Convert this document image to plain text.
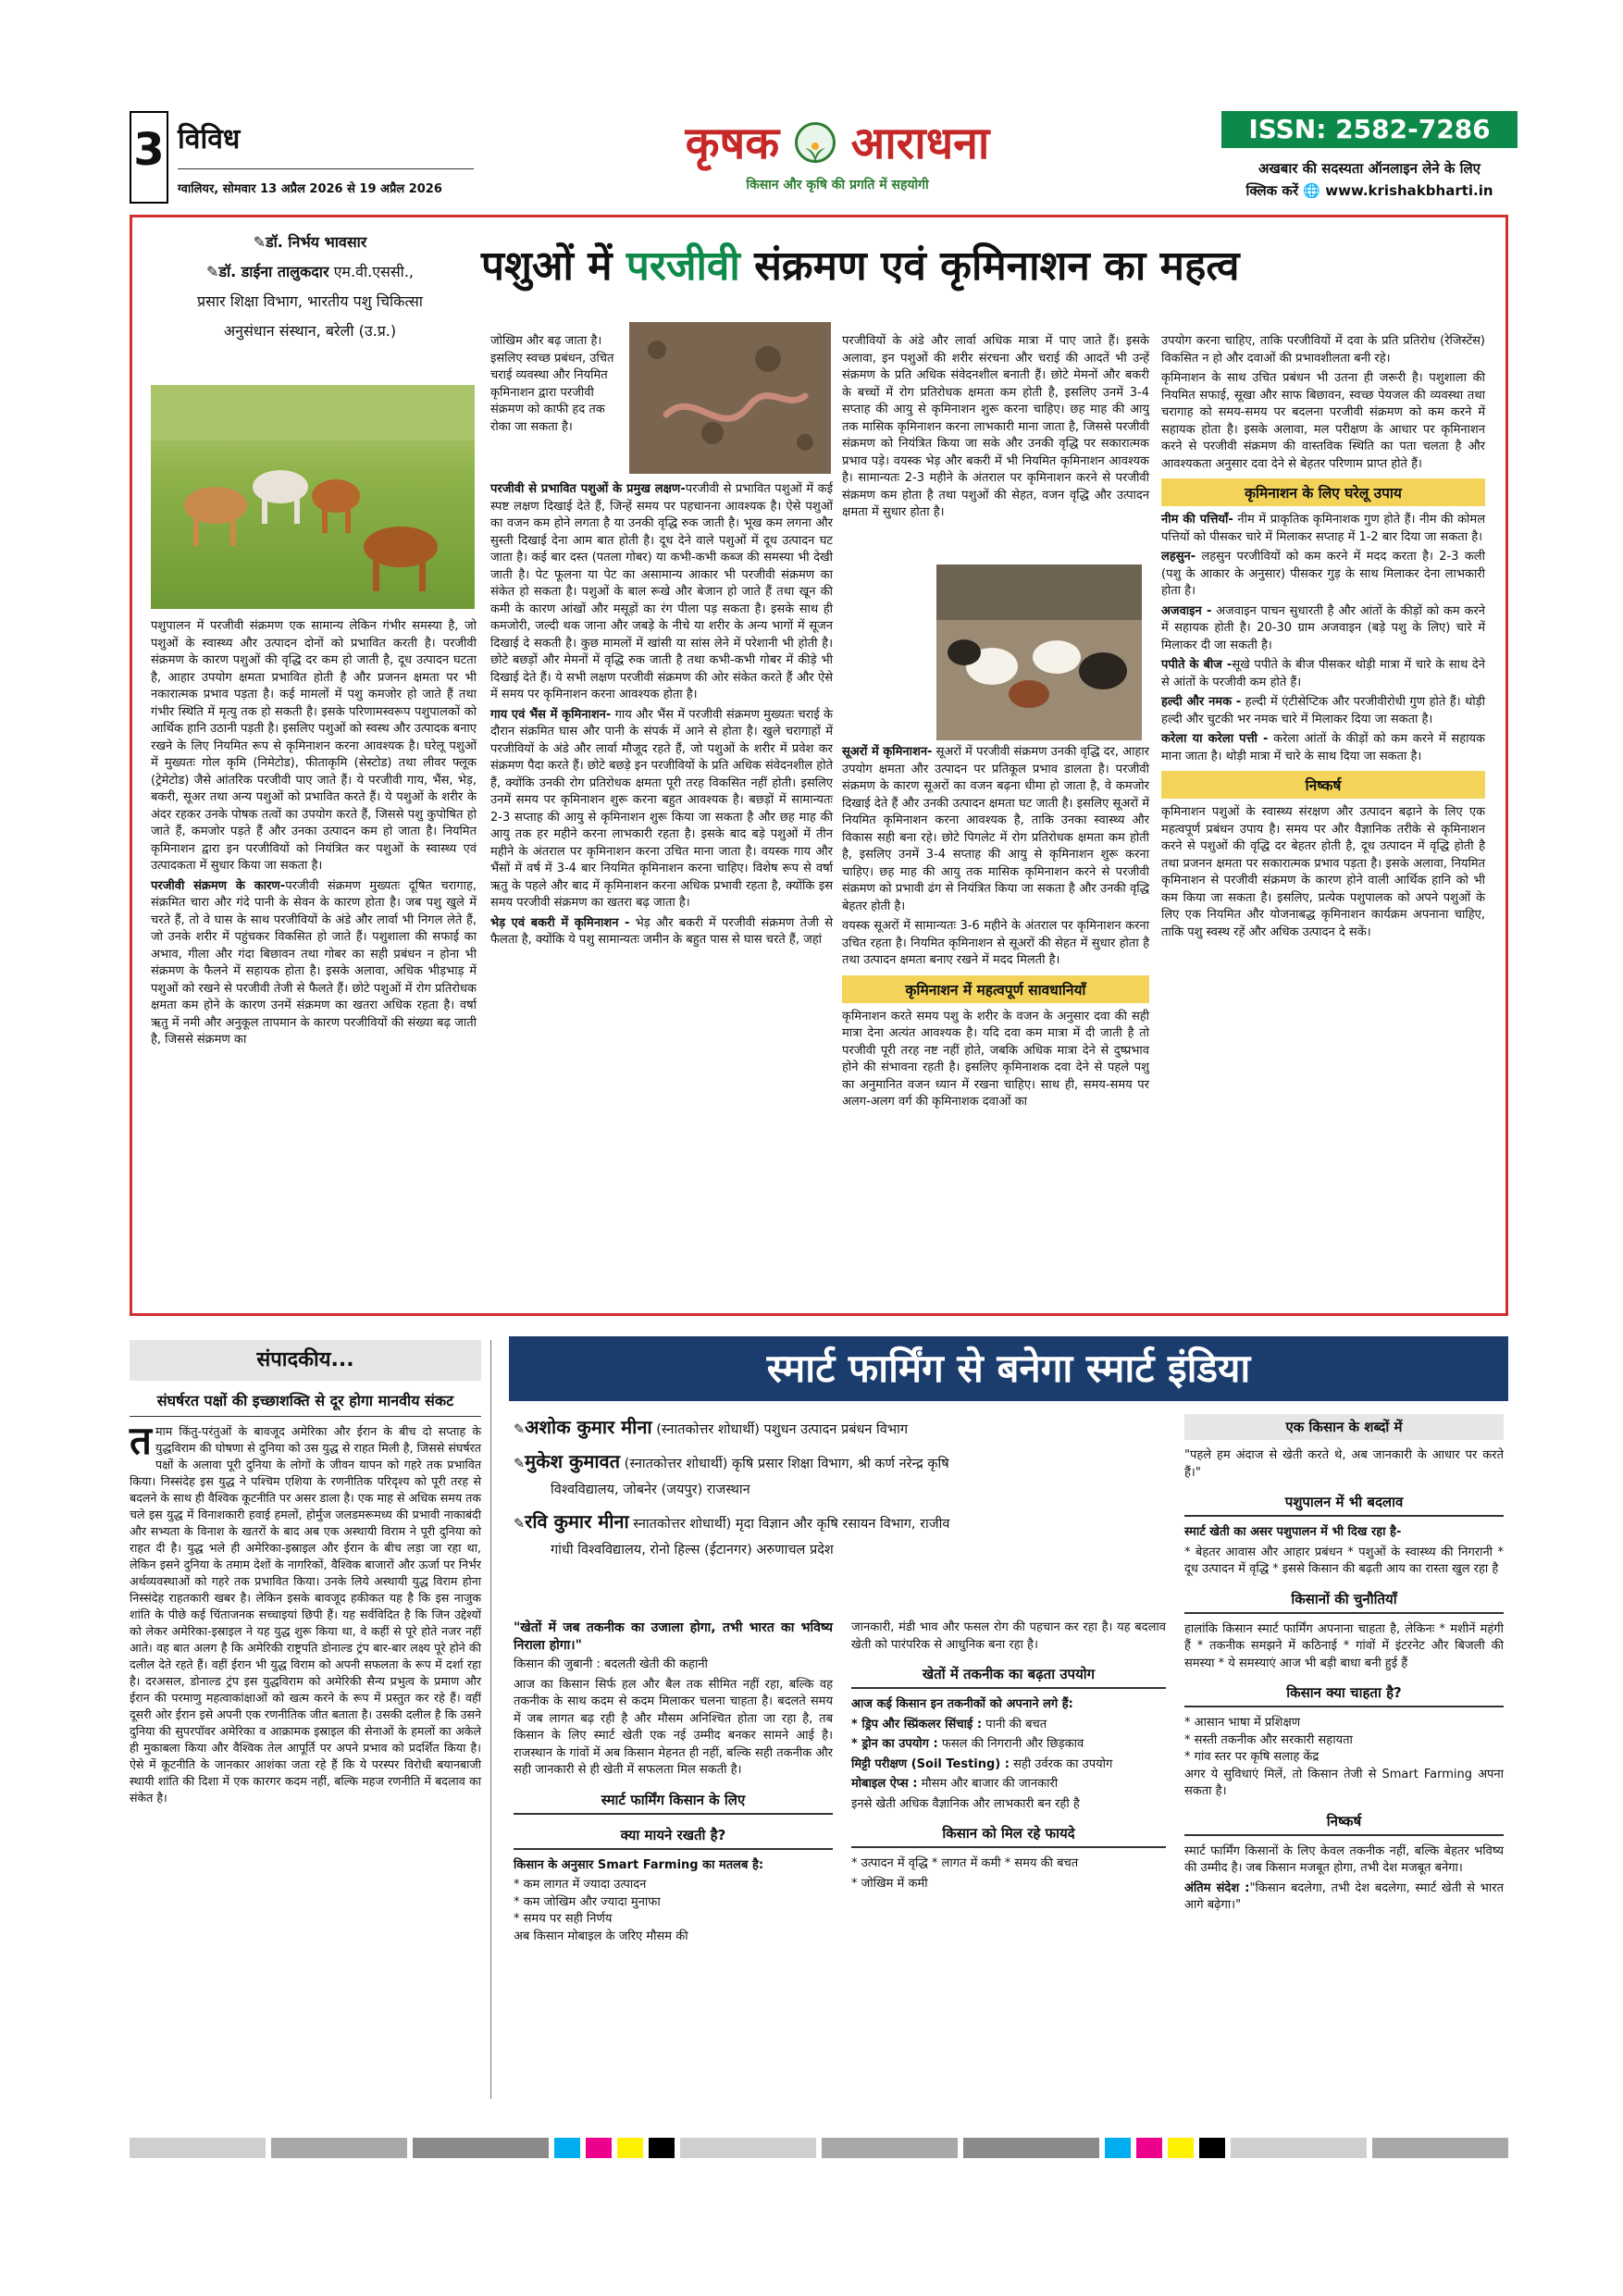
3 विविध
ग्वालियर, सोमवार 13 अप्रैल 2026 से 19 अप्रैल 2026
कृषक आराधना
किसान और कृषि की प्रगति में सहयोगी
ISSN: 2582-7286
अखबार की सदस्यता ऑनलाइन लेने के लिए
क्लिक करें 🌐 www.krishakbharti.in
✎डॉ. निर्भय भावसार
✎डॉ. डाईना तालुकदार एम.वी.एससी.,
प्रसार शिक्षा विभाग, भारतीय पशु चिकित्सा
अनुसंधान संस्थान, बरेली (उ.प्र.)
पशुओं में परजीवी संक्रमण एवं कृमिनाशन का महत्व

पशुपालन में परजीवी संक्रमण एक सामान्य लेकिन गंभीर समस्या है, जो पशुओं के स्वास्थ्य और उत्पादन दोनों को प्रभावित करती है। परजीवी संक्रमण के कारण पशुओं की वृद्धि दर कम हो जाती है, दूध उत्पादन घटता है, आहार उपयोग क्षमता प्रभावित होती है और प्रजनन क्षमता पर भी नकारात्मक प्रभाव पड़ता है। कई मामलों में पशु कमजोर हो जाते हैं तथा गंभीर स्थिति में मृत्यु तक हो सकती है। इसके परिणामस्वरूप पशुपालकों को आर्थिक हानि उठानी पड़ती है। इसलिए पशुओं को स्वस्थ और उत्पादक बनाए रखने के लिए नियमित रूप से कृमिनाशन करना आवश्यक है। घरेलू पशुओं में मुख्यतः गोल कृमि (निमेटोड), फीताकृमि (सेस्टोड) तथा लीवर फ्लूक (ट्रेमेटोड) जैसे आंतरिक परजीवी पाए जाते हैं। ये परजीवी गाय, भैंस, भेड़, बकरी, सूअर तथा अन्य पशुओं को प्रभावित करते हैं। ये पशुओं के शरीर के अंदर रहकर उनके पोषक तत्वों का उपयोग करते हैं, जिससे पशु कुपोषित हो जाते हैं, कमजोर पड़ते हैं और उनका उत्पादन कम हो जाता है। नियमित कृमिनाशन द्वारा इन परजीवियों को नियंत्रित कर पशुओं के स्वास्थ्य एवं उत्पादकता में सुधार किया जा सकता है।

परजीवी संक्रमण के कारण-परजीवी संक्रमण मुख्यतः दूषित चरागाह, संक्रमित चारा और गंदे पानी के सेवन के कारण होता है। जब पशु खुले में चरते हैं, तो वे घास के साथ परजीवियों के अंडे और लार्वा भी निगल लेते हैं, जो उनके शरीर में पहुंचकर विकसित हो जाते हैं। पशुशाला की सफाई का अभाव, गीला और गंदा बिछावन तथा गोबर का सही प्रबंधन न होना भी संक्रमण के फैलने में सहायक होता है। इसके अलावा, अधिक भीड़भाड़ में पशुओं को रखने से परजीवी तेजी से फैलते हैं। छोटे पशुओं में रोग प्रतिरोधक क्षमता कम होने के कारण उनमें संक्रमण का खतरा अधिक रहता है। वर्षा ऋतु में नमी और अनुकूल तापमान के कारण परजीवियों की संख्या बढ़ जाती है, जिससे संक्रमण का

जोखिम और बढ़ जाता है। इसलिए स्वच्छ प्रबंधन, उचित चराई व्यवस्था और नियमित कृमिनाशन द्वारा परजीवी संक्रमण को काफी हद तक रोका जा सकता है।

परजीवी से प्रभावित पशुओं के प्रमुख लक्षण-परजीवी से प्रभावित पशुओं में कई स्पष्ट लक्षण दिखाई देते हैं, जिन्हें समय पर पहचानना आवश्यक है। ऐसे पशुओं का वजन कम होने लगता है या उनकी वृद्धि रुक जाती है। भूख कम लगना और सुस्ती दिखाई देना आम बात होती है। दूध देने वाले पशुओं में दूध उत्पादन घट जाता है। कई बार दस्त (पतला गोबर) या कभी-कभी कब्ज की समस्या भी देखी जाती है। पेट फूलना या पेट का असामान्य आकार भी परजीवी संक्रमण का संकेत हो सकता है। पशुओं के बाल रूखे और बेजान हो जाते हैं तथा खून की कमी के कारण आंखों और मसूड़ों का रंग पीला पड़ सकता है। इसके साथ ही कमजोरी, जल्दी थक जाना और जबड़े के नीचे या शरीर के अन्य भागों में सूजन दिखाई दे सकती है। कुछ मामलों में खांसी या सांस लेने में परेशानी भी होती है। छोटे बछड़ों और मेमनों में वृद्धि रुक जाती है तथा कभी-कभी गोबर में कीड़े भी दिखाई देते हैं। ये सभी लक्षण परजीवी संक्रमण की ओर संकेत करते हैं और ऐसे में समय पर कृमिनाशन करना आवश्यक होता है।

गाय एवं भैंस में कृमिनाशन- गाय और भैंस में परजीवी संक्रमण मुख्यतः चराई के दौरान संक्रमित घास और पानी के संपर्क में आने से होता है। खुले चरागाहों में परजीवियों के अंडे और लार्वा मौजूद रहते हैं, जो पशुओं के शरीर में प्रवेश कर संक्रमण पैदा करते हैं। छोटे बछड़े इन परजीवियों के प्रति अधिक संवेदनशील होते हैं, क्योंकि उनकी रोग प्रतिरोधक क्षमता पूरी तरह विकसित नहीं होती। इसलिए उनमें समय पर कृमिनाशन शुरू करना बहुत आवश्यक है। बछड़ों में सामान्यतः 2-3 सप्ताह की आयु से कृमिनाशन शुरू किया जा सकता है और छह माह की आयु तक हर महीने करना लाभकारी रहता है। इसके बाद बड़े पशुओं में तीन महीने के अंतराल पर कृमिनाशन करना उचित माना जाता है। वयस्क गाय और भैंसों में वर्ष में 3-4 बार नियमित कृमिनाशन करना चाहिए। विशेष रूप से वर्षा ऋतु के पहले और बाद में कृमिनाशन करना अधिक प्रभावी रहता है, क्योंकि इस समय परजीवी संक्रमण का खतरा बढ़ जाता है।

भेड़ एवं बकरी में कृमिनाशन - भेड़ और बकरी में परजीवी संक्रमण तेजी से फैलता है, क्योंकि ये पशु सामान्यतः जमीन के बहुत पास से घास चरते हैं, जहां

परजीवियों के अंडे और लार्वा अधिक मात्रा में पाए जाते हैं। इसके अलावा, इन पशुओं की शरीर संरचना और चराई की आदतें भी उन्हें संक्रमण के प्रति अधिक संवेदनशील बनाती हैं। छोटे मेमनों और बकरी के बच्चों में रोग प्रतिरोधक क्षमता कम होती है, इसलिए उनमें 3-4 सप्ताह की आयु से कृमिनाशन शुरू करना चाहिए। छह माह की आयु तक मासिक कृमिनाशन करना लाभकारी माना जाता है, जिससे परजीवी संक्रमण को नियंत्रित किया जा सके और उनकी वृद्धि पर सकारात्मक प्रभाव पड़े। वयस्क भेड़ और बकरी में भी नियमित कृमिनाशन आवश्यक है। सामान्यतः 2-3 महीने के अंतराल पर कृमिनाशन करने से परजीवी संक्रमण कम होता है तथा पशुओं की सेहत, वजन वृद्धि और उत्पादन क्षमता में सुधार होता है।

सूअरों में कृमिनाशन- सूअरों में परजीवी संक्रमण उनकी वृद्धि दर, आहार उपयोग क्षमता और उत्पादन पर प्रतिकूल प्रभाव डालता है। परजीवी संक्रमण के कारण सूअरों का वजन बढ़ना धीमा हो जाता है, वे कमजोर दिखाई देते हैं और उनकी उत्पादन क्षमता घट जाती है। इसलिए सूअरों में नियमित कृमिनाशन करना आवश्यक है, ताकि उनका स्वास्थ्य और विकास सही बना रहे। छोटे पिगलेट में रोग प्रतिरोधक क्षमता कम होती है, इसलिए उनमें 3-4 सप्ताह की आयु से कृमिनाशन शुरू करना चाहिए। छह माह की आयु तक मासिक कृमिनाशन करने से परजीवी संक्रमण को प्रभावी ढंग से नियंत्रित किया जा सकता है और उनकी वृद्धि बेहतर होती है।

वयस्क सूअरों में सामान्यतः 3-6 महीने के अंतराल पर कृमिनाशन करना उचित रहता है। नियमित कृमिनाशन से सूअरों की सेहत में सुधार होता है तथा उत्पादन क्षमता बनाए रखने में मदद मिलती है।

कृमिनाशन में महत्वपूर्ण सावधानियाँ

कृमिनाशन करते समय पशु के शरीर के वजन के अनुसार दवा की सही मात्रा देना अत्यंत आवश्यक है। यदि दवा कम मात्रा में दी जाती है तो परजीवी पूरी तरह नष्ट नहीं होते, जबकि अधिक मात्रा देने से दुष्प्रभाव होने की संभावना रहती है। इसलिए कृमिनाशक दवा देने से पहले पशु का अनुमानित वजन ध्यान में रखना चाहिए। साथ ही, समय-समय पर अलग-अलग वर्ग की कृमिनाशक दवाओं का

उपयोग करना चाहिए, ताकि परजीवियों में दवा के प्रति प्रतिरोध (रेजिस्टेंस) विकसित न हो और दवाओं की प्रभावशीलता बनी रहे।

कृमिनाशन के साथ उचित प्रबंधन भी उतना ही जरूरी है। पशुशाला की नियमित सफाई, सूखा और साफ बिछावन, स्वच्छ पेयजल की व्यवस्था तथा चरागाह को समय-समय पर बदलना परजीवी संक्रमण को कम करने में सहायक होता है। इसके अलावा, मल परीक्षण के आधार पर कृमिनाशन करने से परजीवी संक्रमण की वास्तविक स्थिति का पता चलता है और आवश्यकता अनुसार दवा देने से बेहतर परिणाम प्राप्त होते हैं।

कृमिनाशन के लिए घरेलू उपाय

नीम की पत्तियाँ- नीम में प्राकृतिक कृमिनाशक गुण होते हैं। नीम की कोमल पत्तियों को पीसकर चारे में मिलाकर सप्ताह में 1-2 बार दिया जा सकता है।

लहसुन- लहसुन परजीवियों को कम करने में मदद करता है। 2-3 कली (पशु के आकार के अनुसार) पीसकर गुड़ के साथ मिलाकर देना लाभकारी होता है।

अजवाइन - अजवाइन पाचन सुधारती है और आंतों के कीड़ों को कम करने में सहायक होती है। 20-30 ग्राम अजवाइन (बड़े पशु के लिए) चारे में मिलाकर दी जा सकती है।

पपीते के बीज -सूखे पपीते के बीज पीसकर थोड़ी मात्रा में चारे के साथ देने से आंतों के परजीवी कम होते हैं।

हल्दी और नमक - हल्दी में एंटीसेप्टिक और परजीवीरोधी गुण होते हैं। थोड़ी हल्दी और चुटकी भर नमक चारे में मिलाकर दिया जा सकता है।

करेला या करेला पत्ती - करेला आंतों के कीड़ों को कम करने में सहायक माना जाता है। थोड़ी मात्रा में चारे के साथ दिया जा सकता है।

निष्कर्ष

कृमिनाशन पशुओं के स्वास्थ्य संरक्षण और उत्पादन बढ़ाने के लिए एक महत्वपूर्ण प्रबंधन उपाय है। समय पर और वैज्ञानिक तरीके से कृमिनाशन करने से पशुओं की वृद्धि दर बेहतर होती है, दूध उत्पादन में वृद्धि होती है तथा प्रजनन क्षमता पर सकारात्मक प्रभाव पड़ता है। इसके अलावा, नियमित कृमिनाशन से परजीवी संक्रमण के कारण होने वाली आर्थिक हानि को भी कम किया जा सकता है। इसलिए, प्रत्येक पशुपालक को अपने पशुओं के लिए एक नियमित और योजनाबद्ध कृमिनाशन कार्यक्रम अपनाना चाहिए, ताकि पशु स्वस्थ रहें और अधिक उत्पादन दे सकें।

संपादकीय...
संघर्षरत पक्षों की इच्छाशक्ति से दूर होगा मानवीय संकट

तमाम किंतु-परंतुओं के बावजूद अमेरिका और ईरान के बीच दो सप्ताह के युद्धविराम की घोषणा से दुनिया को उस युद्ध से राहत मिली है, जिससे संघर्षरत पक्षों के अलावा पूरी दुनिया के लोगों के जीवन यापन को गहरे तक प्रभावित किया। निस्संदेह इस युद्ध ने पश्चिम एशिया के रणनीतिक परिदृश्य को पूरी तरह से बदलने के साथ ही वैश्विक कूटनीति पर असर डाला है। एक माह से अधिक समय तक चले इस युद्ध में विनाशकारी हवाई हमलों, होर्मुज जलडमरूमध्य की प्रभावी नाकाबंदी और सभ्यता के विनाश के खतरों के बाद अब एक अस्थायी विराम ने पूरी दुनिया को राहत दी है। युद्ध भले ही अमेरिका-इस्राइल और ईरान के बीच लड़ा जा रहा था, लेकिन इसने दुनिया के तमाम देशों के नागरिकों, वैश्विक बाजारों और ऊर्जा पर निर्भर अर्थव्यवस्थाओं को गहरे तक प्रभावित किया। उनके लिये अस्थायी युद्ध विराम होना निस्संदेह राहतकारी खबर है। लेकिन इसके बावजूद हकीकत यह है कि इस नाजुक शांति के पीछे कई चिंताजनक सच्चाइयां छिपी हैं। यह सर्वविदित है कि जिन उद्देश्यों को लेकर अमेरिका-इस्राइल ने यह युद्ध शुरू किया था, वे कहीं से पूरे होते नजर नहीं आते। वह बात अलग है कि अमेरिकी राष्ट्रपति डोनाल्ड ट्रंप बार-बार लक्ष्य पूरे होने की दलील देते रहते हैं। वहीं ईरान भी युद्ध विराम को अपनी सफलता के रूप में दर्शा रहा है। दरअसल, डोनाल्ड ट्रंप इस युद्धविराम को अमेरिकी सैन्य प्रभुत्व के प्रमाण और ईरान की परमाणु महत्वाकांक्षाओं को खत्म करने के रूप में प्रस्तुत कर रहे हैं। वहीं दूसरी ओर ईरान इसे अपनी एक रणनीतिक जीत बताता है। उसकी दलील है कि उसने दुनिया की सुपरपॉवर अमेरिका व आक्रामक इस्राइल की सेनाओं के हमलों का अकेले ही मुकाबला किया और वैश्विक तेल आपूर्ति पर अपने प्रभाव को प्रदर्शित किया है। ऐसे में कूटनीति के जानकार आशंका जता रहे हैं कि ये परस्पर विरोधी बयानबाजी स्थायी शांति की दिशा में एक कारगर कदम नहीं, बल्कि महज रणनीति में बदलाव का संकेत है।

स्मार्ट फार्मिंग से बनेगा स्मार्ट इंडिया
✎अशोक कुमार मीना (स्नातकोत्तर शोधार्थी) पशुधन उत्पादन प्रबंधन विभाग
✎मुकेश कुमावत (स्नातकोत्तर शोधार्थी) कृषि प्रसार शिक्षा विभाग, श्री कर्ण नरेन्द्र कृषि
विश्वविद्यालय, जोबनेर (जयपुर) राजस्थान
✎रवि कुमार मीना स्नातकोत्तर शोधार्थी) मृदा विज्ञान और कृषि रसायन विभाग, राजीव
गांधी विश्वविद्यालय, रोनो हिल्स (ईटानगर) अरुणाचल प्रदेश

"खेतों में जब तकनीक का उजाला होगा, तभी भारत का भविष्य निराला होगा।"

किसान की जुबानी : बदलती खेती की कहानी

आज का किसान सिर्फ हल और बैल तक सीमित नहीं रहा, बल्कि वह तकनीक के साथ कदम से कदम मिलाकर चलना चाहता है। बदलते समय में जब लागत बढ़ रही है और मौसम अनिश्चित होता जा रहा है, तब किसान के लिए स्मार्ट खेती एक नई उम्मीद बनकर सामने आई है। राजस्थान के गांवों में अब किसान मेहनत ही नहीं, बल्कि सही तकनीक और सही जानकारी से ही खेती में सफलता मिल सकती है।

स्मार्ट फार्मिंग किसान के लिए
क्या मायने रखती है?

किसान के अनुसार Smart Farming का मतलब है:

* कम लागत में ज्यादा उत्पादन

* कम जोखिम और ज्यादा मुनाफा

* समय पर सही निर्णय

अब किसान मोबाइल के जरिए मौसम की

जानकारी, मंडी भाव और फसल रोग की पहचान कर रहा है। यह बदलाव खेती को पारंपरिक से आधुनिक बना रहा है।

खेतों में तकनीक का बढ़ता उपयोग

आज कई किसान इन तकनीकों को अपनाने लगे हैं:

* ड्रिप और स्प्रिंकलर सिंचाई : पानी की बचत

* ड्रोन का उपयोग : फसल की निगरानी और छिड़काव

मिट्टी परीक्षण (Soil Testing) : सही उर्वरक का उपयोग

मोबाइल ऐप्स : मौसम और बाजार की जानकारी

इनसे खेती अधिक वैज्ञानिक और लाभकारी बन रही है

किसान को मिल रहे फायदे

* उत्पादन में वृद्धि * लागत में कमी * समय की बचत

* जोखिम में कमी

एक किसान के शब्दों में

"पहले हम अंदाज से खेती करते थे, अब जानकारी के आधार पर करते हैं।"

पशुपालन में भी बदलाव

स्मार्ट खेती का असर पशुपालन में भी दिख रहा है-

* बेहतर आवास और आहार प्रबंधन * पशुओं के स्वास्थ्य की निगरानी * दूध उत्पादन में वृद्धि * इससे किसान की बढ़ती आय का रास्ता खुल रहा है

किसानों की चुनौतियाँ

हालांकि किसान स्मार्ट फार्मिंग अपनाना चाहता है, लेकिनः * मशीनें महंगी हैं * तकनीक समझने में कठिनाई * गांवों में इंटरनेट और बिजली की समस्या * ये समस्याएं आज भी बड़ी बाधा बनी हुई हैं

किसान क्या चाहता है?

* आसान भाषा में प्रशिक्षण

* सस्ती तकनीक और सरकारी सहायता

* गांव स्तर पर कृषि सलाह केंद्र

अगर ये सुविधाएं मिलें, तो किसान तेजी से Smart Farming अपना सकता है।

निष्कर्ष

स्मार्ट फार्मिंग किसानों के लिए केवल तकनीक नहीं, बल्कि बेहतर भविष्य की उम्मीद है। जब किसान मजबूत होगा, तभी देश मजबूत बनेगा।

अंतिम संदेश :"किसान बदलेगा, तभी देश बदलेगा, स्मार्ट खेती से भारत आगे बढ़ेगा।"
